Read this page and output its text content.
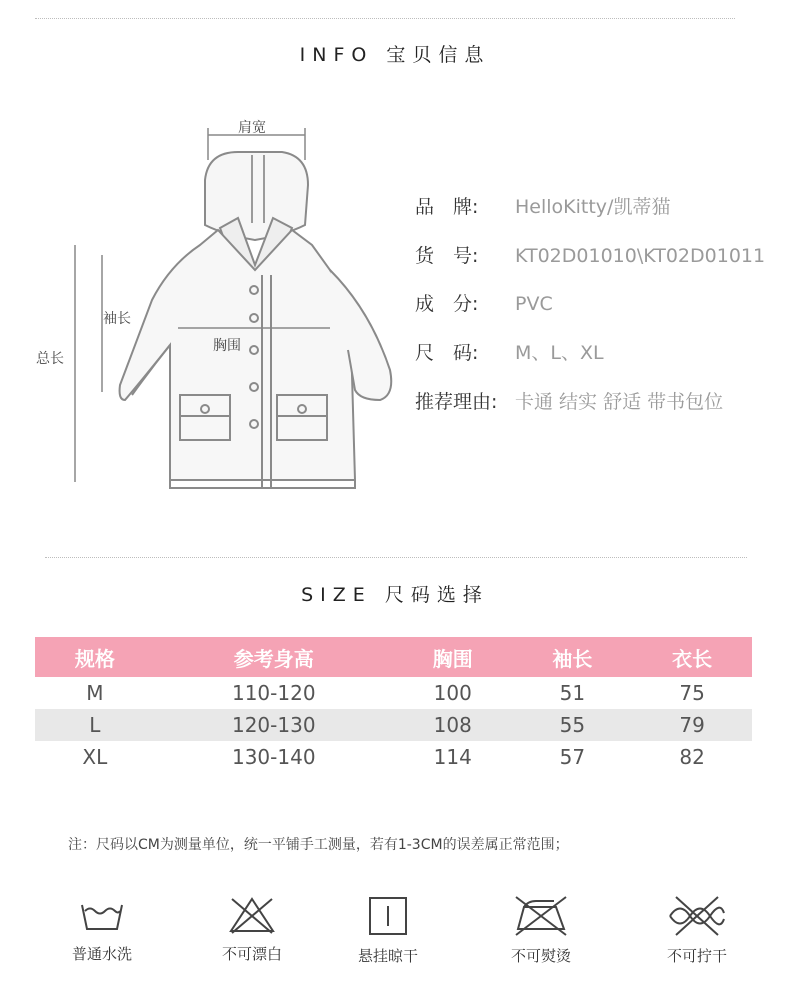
INFO 宝贝信息
肩宽
袖长
胸围
总长
品　牌: HelloKitty/凯蒂猫
货　号: KT02D01010\KT02D01011
成　分: PVC
尺　码: M、L、XL
推荐理由: 卡通 结实 舒适 带书包位
SIZE 尺码选择
规格	参考身高	胸围	袖长	衣长
M	110-120	100	51	75
L	120-130	108	55	79
XL	130-140	114	57	82
注：尺码以CM为测量单位，统一平铺手工测量，若有1-3CM的误差属正常范围；
普通水洗	不可漂白	悬挂晾干	不可熨烫	不可拧干
